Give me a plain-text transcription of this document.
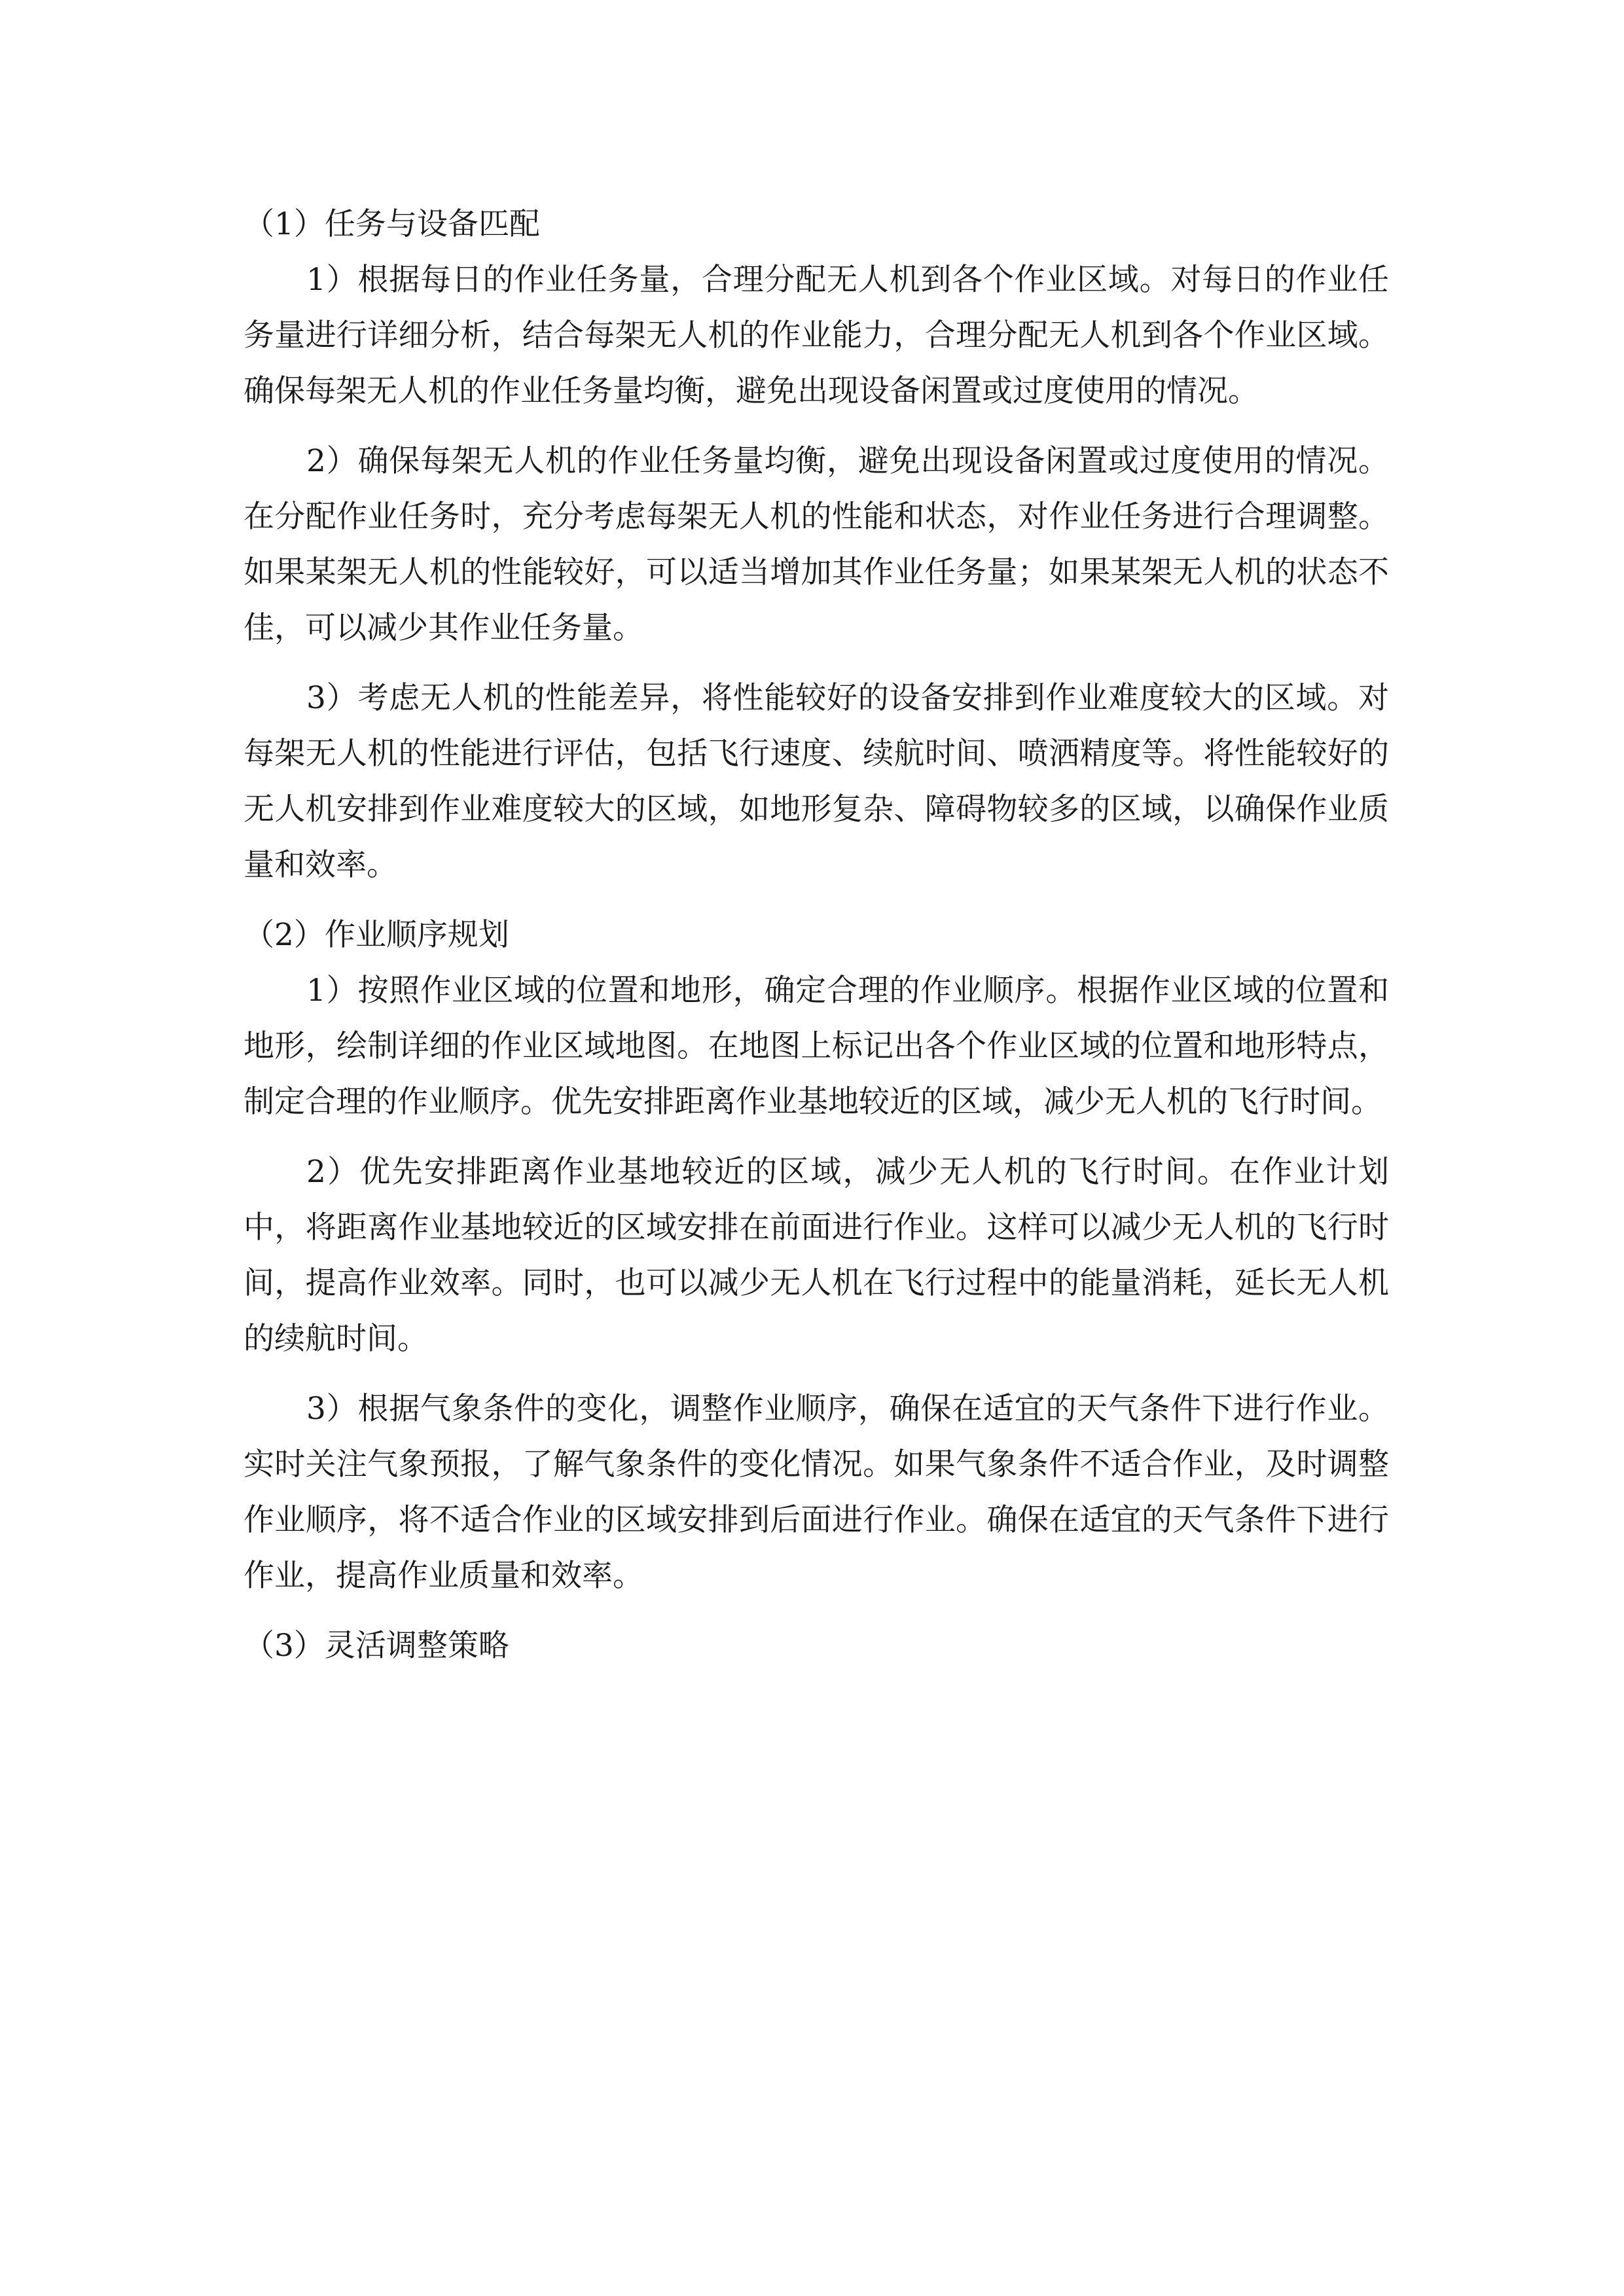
（1）任务与设备匹配

1）根据每日的作业任务量，合理分配无人机到各个作业区域。对每日的作业任务量进行详细分析，结合每架无人机的作业能力，合理分配无人机到各个作业区域。确保每架无人机的作业任务量均衡，避免出现设备闲置或过度使用的情况。

2）确保每架无人机的作业任务量均衡，避免出现设备闲置或过度使用的情况。在分配作业任务时，充分考虑每架无人机的性能和状态，对作业任务进行合理调整。如果某架无人机的性能较好，可以适当增加其作业任务量；如果某架无人机的状态不佳，可以减少其作业任务量。

3）考虑无人机的性能差异，将性能较好的设备安排到作业难度较大的区域。对每架无人机的性能进行评估，包括飞行速度、续航时间、喷洒精度等。将性能较好的无人机安排到作业难度较大的区域，如地形复杂、障碍物较多的区域，以确保作业质量和效率。

（2）作业顺序规划

1）按照作业区域的位置和地形，确定合理的作业顺序。根据作业区域的位置和地形，绘制详细的作业区域地图。在地图上标记出各个作业区域的位置和地形特点，制定合理的作业顺序。优先安排距离作业基地较近的区域，减少无人机的飞行时间。

2）优先安排距离作业基地较近的区域，减少无人机的飞行时间。在作业计划中，将距离作业基地较近的区域安排在前面进行作业。这样可以减少无人机的飞行时间，提高作业效率。同时，也可以减少无人机在飞行过程中的能量消耗，延长无人机的续航时间。

3）根据气象条件的变化，调整作业顺序，确保在适宜的天气条件下进行作业。实时关注气象预报，了解气象条件的变化情况。如果气象条件不适合作业，及时调整作业顺序，将不适合作业的区域安排到后面进行作业。确保在适宜的天气条件下进行作业，提高作业质量和效率。

（3）灵活调整策略
